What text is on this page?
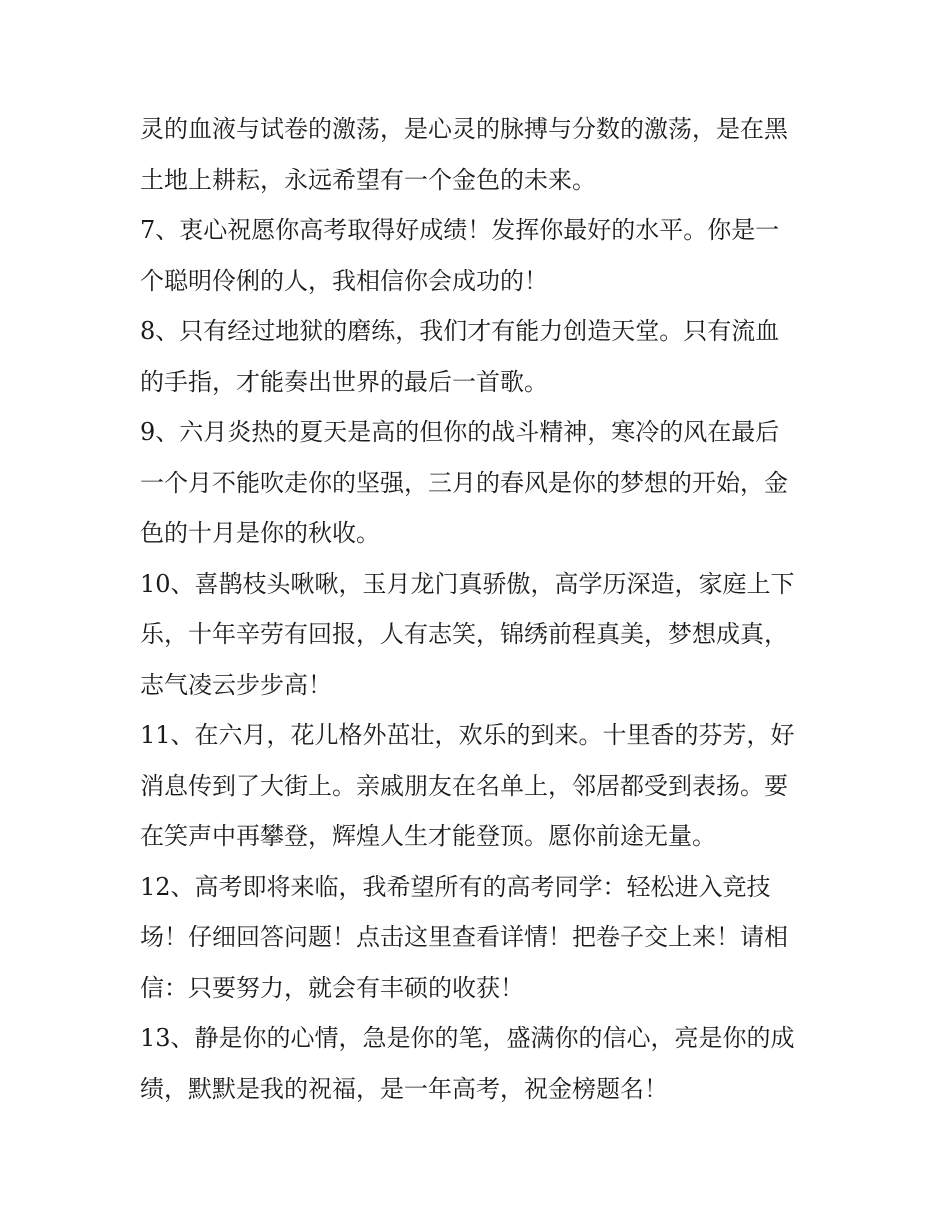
灵的血液与试卷的激荡，是心灵的脉搏与分数的激荡，是在黑
土地上耕耘，永远希望有一个金色的未来。
7、衷心祝愿你高考取得好成绩！发挥你最好的水平。你是一
个聪明伶俐的人，我相信你会成功的！
8、只有经过地狱的磨练，我们才有能力创造天堂。只有流血
的手指，才能奏出世界的最后一首歌。
9、六月炎热的夏天是高的但你的战斗精神，寒冷的风在最后
一个月不能吹走你的坚强，三月的春风是你的梦想的开始，金
色的十月是你的秋收。
10、喜鹊枝头啾啾，玉月龙门真骄傲，高学历深造，家庭上下
乐，十年辛劳有回报，人有志笑，锦绣前程真美，梦想成真，
志气凌云步步高！
11、在六月，花儿格外茁壮，欢乐的到来。十里香的芬芳，好
消息传到了大街上。亲戚朋友在名单上，邻居都受到表扬。要
在笑声中再攀登，辉煌人生才能登顶。愿你前途无量。
12、高考即将来临，我希望所有的高考同学：轻松进入竞技
场！仔细回答问题！点击这里查看详情！把卷子交上来！请相
信：只要努力，就会有丰硕的收获！
13、静是你的心情，急是你的笔，盛满你的信心，亮是你的成
绩，默默是我的祝福，是一年高考，祝金榜题名！
